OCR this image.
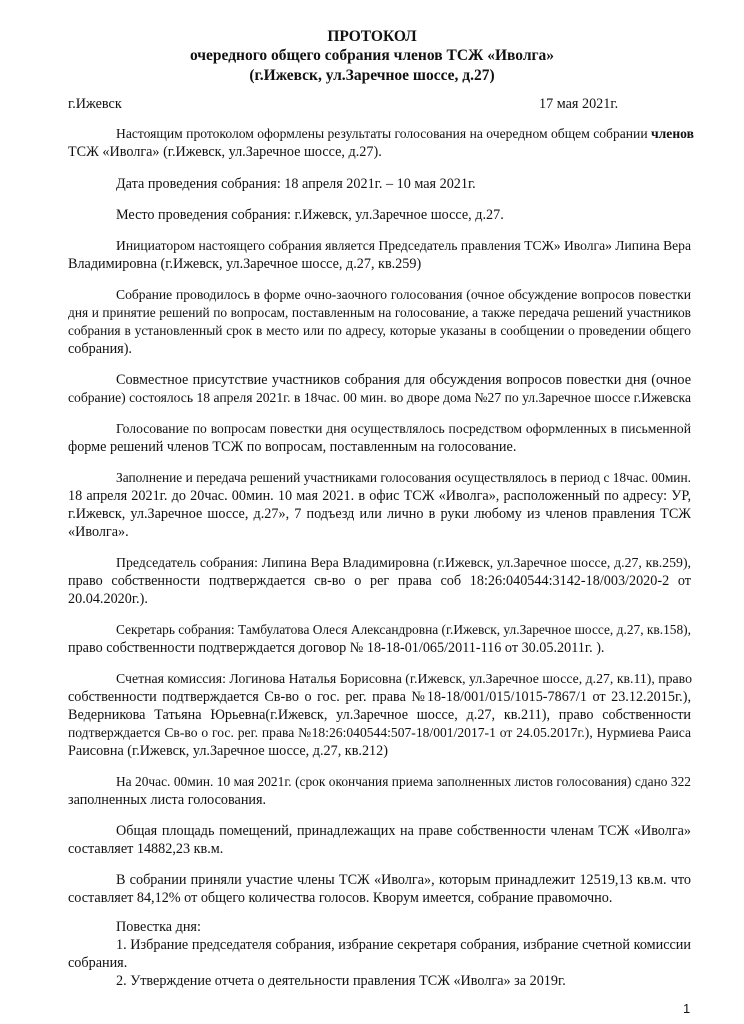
ПРОТОКОЛ
очередного общего собрания членов ТСЖ «Иволга»
(г.Ижевск, ул.Заречное шоссе, д.27)
г.Ижевск	17 мая 2021г.
Настоящим протоколом оформлены результаты голосования на очередном общем собрании членов
ТСЖ «Иволга» (г.Ижевск, ул.Заречное шоссе, д.27).
Дата проведения собрания: 18 апреля 2021г. – 10 мая 2021г.
Место проведения собрания: г.Ижевск, ул.Заречное шоссе, д.27.
Инициатором настоящего собрания является Председатель правления ТСЖ» Иволга» Липина Вера
Владимировна (г.Ижевск, ул.Заречное шоссе, д.27, кв.259)
Собрание проводилось в форме очно-заочного голосования (очное обсуждение вопросов повестки
дня и принятие решений по вопросам, поставленным на голосование, а также передача решений участников
собрания в установленный срок в место или по адресу, которые указаны в сообщении о проведении общего
собрания).
Совместное присутствие участников собрания для обсуждения вопросов повестки дня (очное
собрание) состоялось 18 апреля 2021г. в 18час. 00 мин. во дворе дома №27 по ул.Заречное шоссе г.Ижевска
Голосование по вопросам повестки дня осуществлялось посредством оформленных в письменной
форме решений членов ТСЖ по вопросам, поставленным на голосование.
Заполнение и передача решений участниками голосования осуществлялось в период с 18час. 00мин.
18 апреля 2021г. до 20час. 00мин. 10 мая 2021. в офис ТСЖ «Иволга», расположенный по адресу: УР,
г.Ижевск, ул.Заречное шоссе, д.27», 7 подъезд или лично в руки любому из членов правления ТСЖ
«Иволга».
Председатель собрания: Липина Вера Владимировна (г.Ижевск, ул.Заречное шоссе, д.27, кв.259),
право собственности подтверждается св-во о рег права соб 18:26:040544:3142-18/003/2020-2 от
20.04.2020г.).
Секретарь собрания: Тамбулатова Олеся Александровна (г.Ижевск, ул.Заречное шоссе, д.27, кв.158),
право собственности подтверждается договор № 18-18-01/065/2011-116 от 30.05.2011г. ).
Счетная комиссия: Логинова Наталья Борисовна (г.Ижевск, ул.Заречное шоссе, д.27, кв.11), право
собственности подтверждается Св-во о гос. рег. права №18-18/001/015/1015-7867/1 от 23.12.2015г.),
Ведерникова Татьяна Юрьевна(г.Ижевск, ул.Заречное шоссе, д.27, кв.211), право собственности
подтверждается Св-во о гос. рег. права №18:26:040544:507-18/001/2017-1 от 24.05.2017г.), Нурмиева Раиса
Раисовна (г.Ижевск, ул.Заречное шоссе, д.27, кв.212)
На 20час. 00мин. 10 мая 2021г. (срок окончания приема заполненных листов голосования) сдано 322
заполненных листа голосования.
Общая площадь помещений, принадлежащих на праве собственности членам ТСЖ «Иволга»
составляет 14882,23 кв.м.
В собрании приняли участие члены ТСЖ «Иволга», которым принадлежит 12519,13 кв.м. что
составляет 84,12% от общего количества голосов. Кворум имеется, собрание правомочно.
Повестка дня:
1. Избрание председателя собрания, избрание секретаря собрания, избрание счетной комиссии
собрания.
2. Утверждение отчета о деятельности правления ТСЖ «Иволга» за 2019г.
1
